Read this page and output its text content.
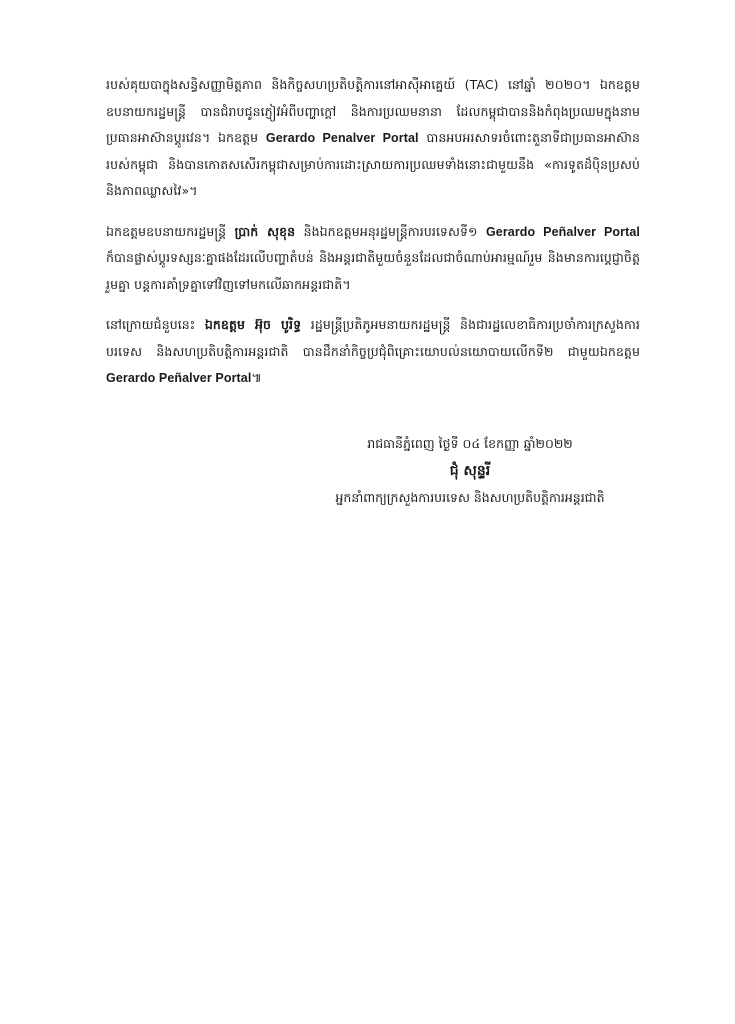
របស់គុយបាក្នុងសន្ធិសញ្ញាមិត្តភាព និងកិច្ចសហប្រតិបត្តិការនៅអាស៊ីអាគ្នេយ៍ (TAC) នៅឆ្នាំ ២០២០។ ឯកឧត្តមឧបនាយករដ្ឋមន្ត្រី បានជំរាបជូនភ្ញៀវអំពីបញ្ហាក្តៅ និងការប្រឈមនានា ដែលកម្ពុជាបាននិងកំពុងប្រឈមក្នុងនាមប្រធានអាស៊ានប្តូរវេន។ ឯកឧត្តម Gerardo Penalver Portal បានអបអរសាទរចំពោះតួនាទីជាប្រធានអាស៊ានរបស់កម្ពុជា និងបានកោតសសើរកម្ពុជាសម្រាប់ការដោះស្រាយការប្រឈមទាំងនោះជាមួយនឹង «ការទូតដ៏ប៉ិនប្រសប់ និងភាពឈ្លាសវៃ»។

ឯកឧត្តមឧបនាយករដ្ឋមន្ត្រី ប្រាក់ សុខុន និងឯកឧត្តមអនុរដ្ឋមន្ត្រីការបរទេសទី១ Gerardo Peñalver Portal ក៏បានផ្លាស់ប្តូរទស្សនៈគ្នាផងដែរលើបញ្ហាតំបន់ និងអន្តរជាតិមួយចំនួនដែលជាចំណាប់អារម្មណ៍រួម និងមានការប្តេជ្ញាចិត្តរួមគ្នា បន្តការគាំទ្រគ្នាទៅវិញទៅមកលើឆាកអន្តរជាតិ។

នៅក្រោយជំនួបនេះ ឯកឧត្តម អ៊ុច បូរិទ្ធ រដ្ឋមន្ត្រីប្រតិភូអមនាយករដ្ឋមន្ត្រី និងជារដ្ឋលេខាធិការប្រចាំការក្រសួងការបរទេស និងសហប្រតិបត្តិការអន្តរជាតិ បានដឹកនាំកិច្ចប្រជុំពិគ្រោះយោបល់នយោបាយលើកទី២ ជាមួយឯកឧត្តម Gerardo Peñalver Portal៕

រាជធានីភ្នំពេញ ថ្ងៃទី ០៤ ខែកញ្ញា ឆ្នាំ២០២២
ជុំ សុន្ទរី
អ្នកនាំពាក្យក្រសួងការបរទេស និងសហប្រតិបត្តិការអន្តរជាតិ
